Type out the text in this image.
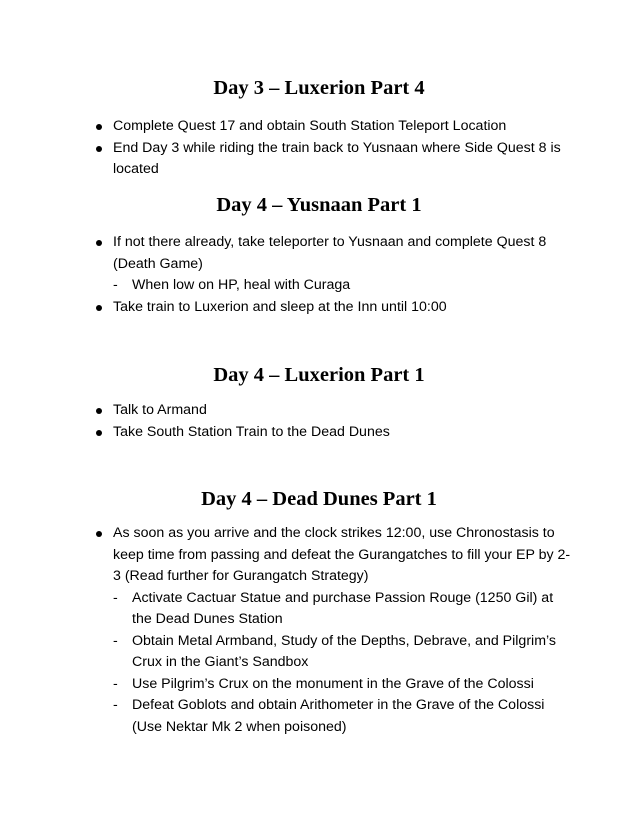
Day 3 – Luxerion Part 4
Complete Quest 17 and obtain South Station Teleport Location
End Day 3 while riding the train back to Yusnaan where Side Quest 8 is located
Day 4 – Yusnaan Part 1
If not there already, take teleporter to Yusnaan and complete Quest 8 (Death Game)
- When low on HP, heal with Curaga
Take train to Luxerion and sleep at the Inn until 10:00
Day 4 – Luxerion Part 1
Talk to Armand
Take South Station Train to the Dead Dunes
Day 4 – Dead Dunes Part 1
As soon as you arrive and the clock strikes 12:00, use Chronostasis to keep time from passing and defeat the Gurangatches to fill your EP by 2-3 (Read further for Gurangatch Strategy)
- Activate Cactuar Statue and purchase Passion Rouge (1250 Gil) at the Dead Dunes Station
- Obtain Metal Armband, Study of the Depths, Debrave, and Pilgrim’s Crux in the Giant’s Sandbox
- Use Pilgrim’s Crux on the monument in the Grave of the Colossi
- Defeat Goblots and obtain Arithometer in the Grave of the Colossi (Use Nektar Mk 2 when poisoned)
